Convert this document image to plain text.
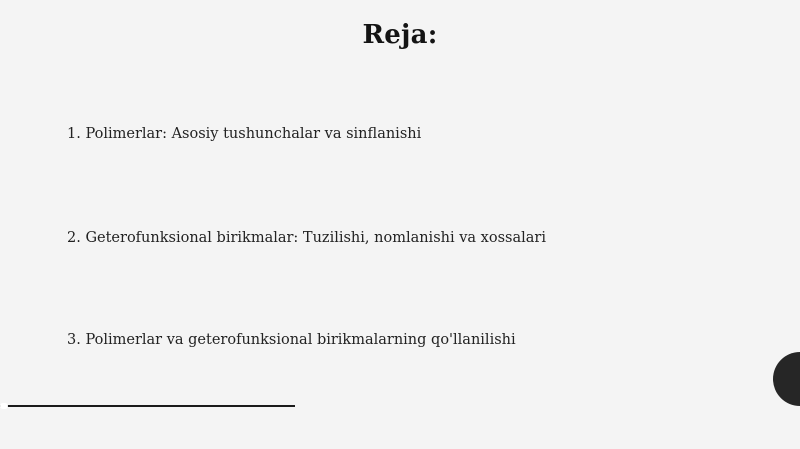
Reja:
1. Polimerlar: Asosiy tushunchalar va sinflanishi
2. Geterofunksional birikmalar: Tuzilishi, nomlanishi va xossalari
3. Polimerlar va geterofunksional birikmalarning qo'llanilishi
